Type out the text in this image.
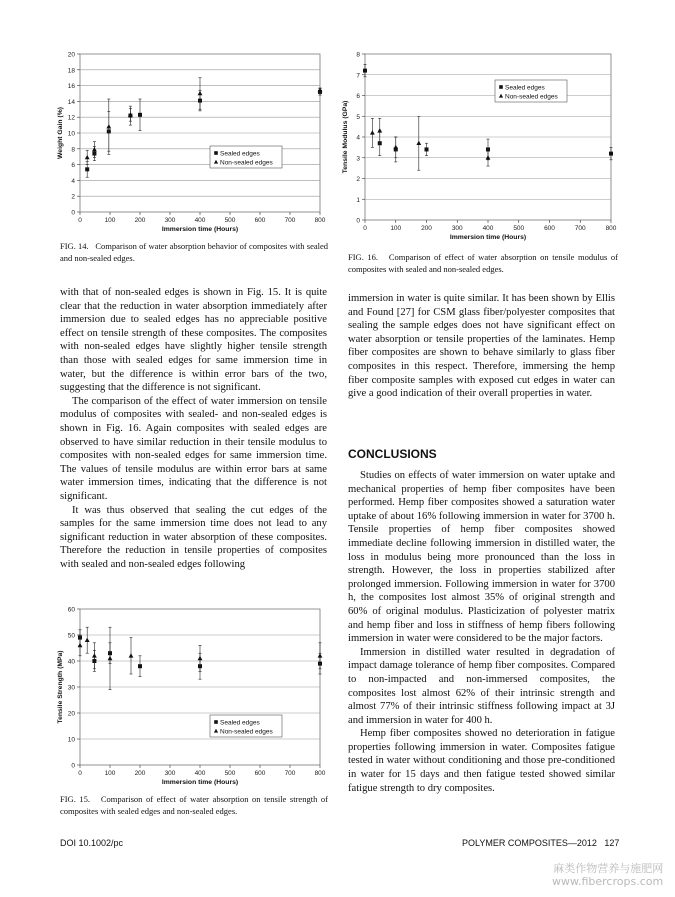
0
2
4
6
8
10
12
14
16
18
20
0	100	200	300	400	500	600	700	800
Immersion time (Hours)
Weight Gain (%)	Sealed edges
Non-sealed edges
FIG. 14. Comparison of water absorption behavior of composites with sealed and non-sealed edges.
0
1
2
3
4
5
6
7
8
0	100	200	300	400	500	600	700	800
Immersion time (Hours)
Tensile Modulus (GPa)
Sealed edges
Non-sealed edges
FIG. 16. Comparison of effect of water absorption on tensile modulus of composites with sealed and non-sealed edges.

with that of non-sealed edges is shown in Fig. 15. It is quite clear that the reduction in water absorption immediately after immersion due to sealed edges has no appreciable positive effect on tensile strength of these composites. The composites with non-sealed edges have slightly higher tensile strength than those with sealed edges for same immersion time in water, but the difference is within error bars of the two, suggesting that the difference is not significant.

The comparison of the effect of water immersion on tensile modulus of composites with sealed- and non-sealed edges is shown in Fig. 16. Again composites with sealed edges are observed to have similar reduction in their tensile modulus to composites with non-sealed edges for same immersion time. The values of tensile modulus are within error bars at same water immersion times, indicating that the difference is not significant.

It was thus observed that sealing the cut edges of the samples for the same immersion time does not lead to any significant reduction in water absorption of these composites. Therefore the reduction in tensile properties of composites with sealed and non-sealed edges following

0
10
20
30
40
50
60
0	100	200	300	400	500	600	700	800
Immersion time (Hours)
Tensile Strength (MPa)	Sealed edges
Non-sealed edges
FIG. 15. Comparison of effect of water absorption on tensile strength of composites with sealed edges and non-sealed edges.

immersion in water is quite similar. It has been shown by Ellis and Found [27] for CSM glass fiber/polyester composites that sealing the sample edges does not have significant effect on water absorption or tensile properties of the laminates. Hemp fiber composites are shown to behave similarly to glass fiber composites in this respect. Therefore, immersing the hemp fiber composite samples with exposed cut edges in water can give a good indication of their overall properties in water.

CONCLUSIONS

Studies on effects of water immersion on water uptake and mechanical properties of hemp fiber composites have been performed. Hemp fiber composites showed a saturation water uptake of about 16% following immersion in water for 3700 h. Tensile properties of hemp fiber composites showed immediate decline following immersion in distilled water, the loss in modulus being more pronounced than the loss in strength. However, the loss in properties stabilized after prolonged immersion. Following immersion in water for 3700 h, the composites lost almost 35% of original strength and 60% of original modulus. Plasticization of polyester matrix and hemp fiber and loss in stiffness of hemp fibers following immersion in water were considered to be the major factors.

Immersion in distilled water resulted in degradation of impact damage tolerance of hemp fiber composites. Compared to non-impacted and non-immersed composites, the composites lost almost 62% of their intrinsic strength and almost 77% of their intrinsic stiffness following impact at 3J and immersion in water for 400 h.

Hemp fiber composites showed no deterioration in fatigue properties following immersion in water. Composites fatigue tested in water without conditioning and those pre-conditioned in water for 15 days and then fatigue tested showed similar fatigue strength to dry composites.

DOI 10.1002/pc	POLYMER COMPOSITES—2012 127
麻类作物营养与施肥网
www.fibercrops.com
